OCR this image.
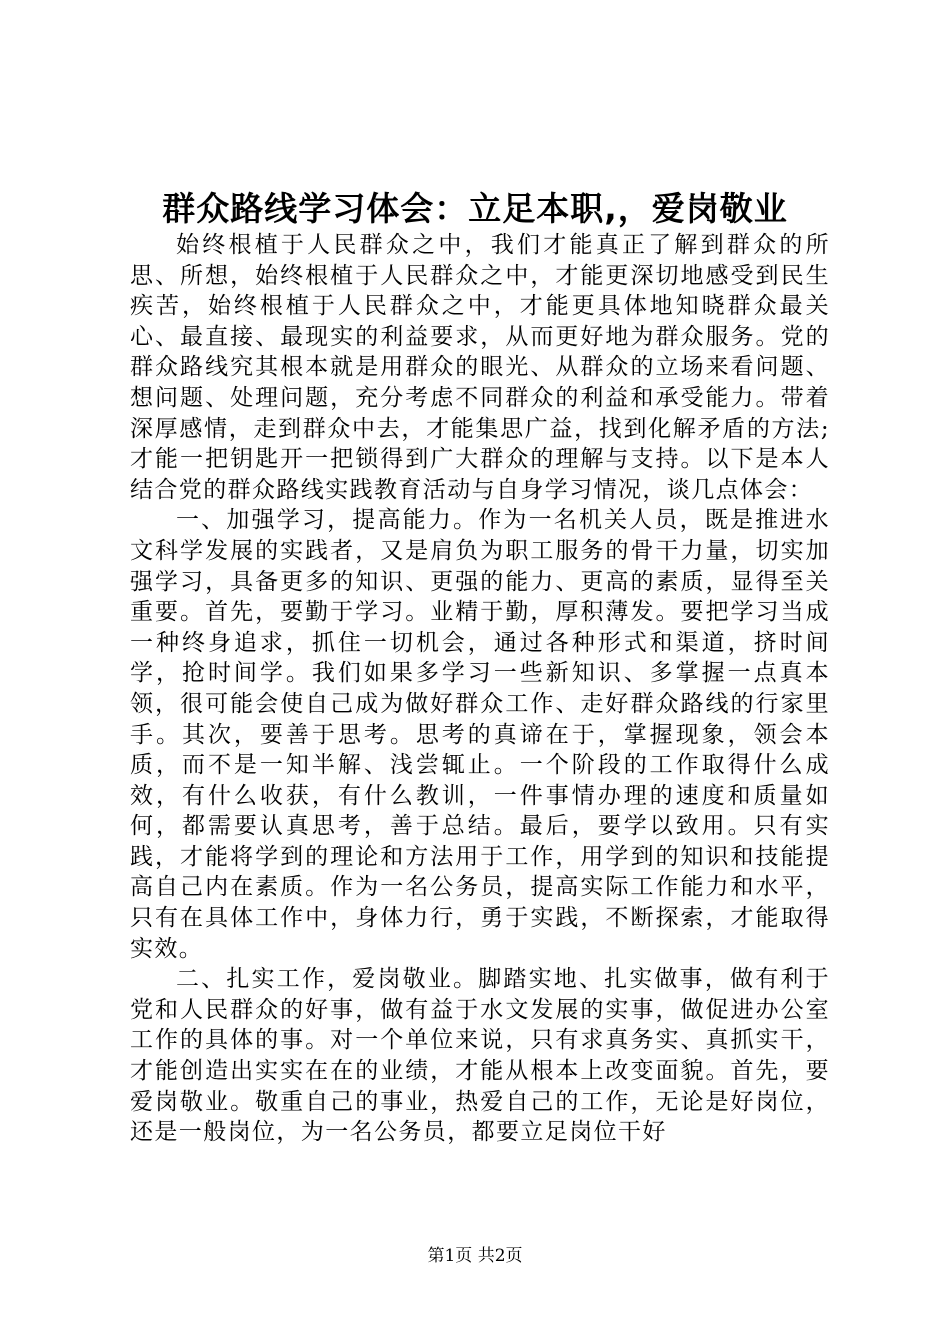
群众路线学习体会：立足本职,，爱岗敬业

始终根植于人民群众之中，我们才能真正了解到群众的所思、所想，始终根植于人民群众之中，才能更深切地感受到民生疾苦，始终根植于人民群众之中，才能更具体地知晓群众最关心、最直接、最现实的利益要求，从而更好地为群众服务。党的群众路线究其根本就是用群众的眼光、从群众的立场来看问题、想问题、处理问题，充分考虑不同群众的利益和承受能力。带着深厚感情，走到群众中去，才能集思广益，找到化解矛盾的方法;才能一把钥匙开一把锁得到广大群众的理解与支持。以下是本人结合党的群众路线实践教育活动与自身学习情况，谈几点体会：

一、加强学习，提高能力。作为一名机关人员，既是推进水文科学发展的实践者，又是肩负为职工服务的骨干力量，切实加强学习，具备更多的知识、更强的能力、更高的素质，显得至关重要。首先，要勤于学习。业精于勤，厚积薄发。要把学习当成一种终身追求，抓住一切机会，通过各种形式和渠道，挤时间学，抢时间学。我们如果多学习一些新知识、多掌握一点真本领，很可能会使自己成为做好群众工作、走好群众路线的行家里手。其次，要善于思考。思考的真谛在于，掌握现象，领会本质，而不是一知半解、浅尝辄止。一个阶段的工作取得什么成效，有什么收获，有什么教训，一件事情办理的速度和质量如何，都需要认真思考，善于总结。最后，要学以致用。只有实践，才能将学到的理论和方法用于工作，用学到的知识和技能提高自己内在素质。作为一名公务员，提高实际工作能力和水平，只有在具体工作中，身体力行，勇于实践，不断探索，才能取得实效。

二、扎实工作，爱岗敬业。脚踏实地、扎实做事，做有利于党和人民群众的好事，做有益于水文发展的实事，做促进办公室工作的具体的事。对一个单位来说，只有求真务实、真抓实干，才能创造出实实在在的业绩，才能从根本上改变面貌。首先，要爱岗敬业。敬重自己的事业，热爱自己的工作，无论是好岗位，还是一般岗位，为一名公务员，都要立足岗位干好

第1页 共2页
